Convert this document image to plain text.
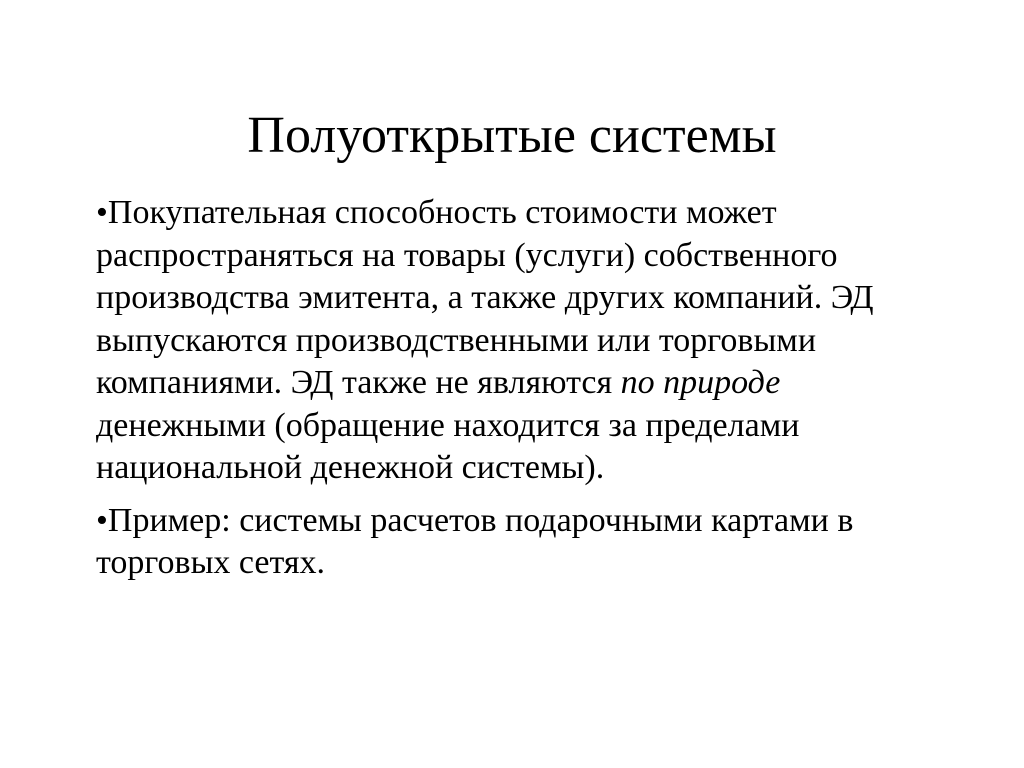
Полуоткрытые системы
•Покупательная способность стоимости может распространяться на товары (услуги) собственного производства эмитента, а также других компаний. ЭД выпускаются производственными или торговыми компаниями. ЭД также не являются по природе денежными (обращение находится за пределами национальной денежной системы).
•Пример: системы расчетов подарочными картами в торговых сетях.
